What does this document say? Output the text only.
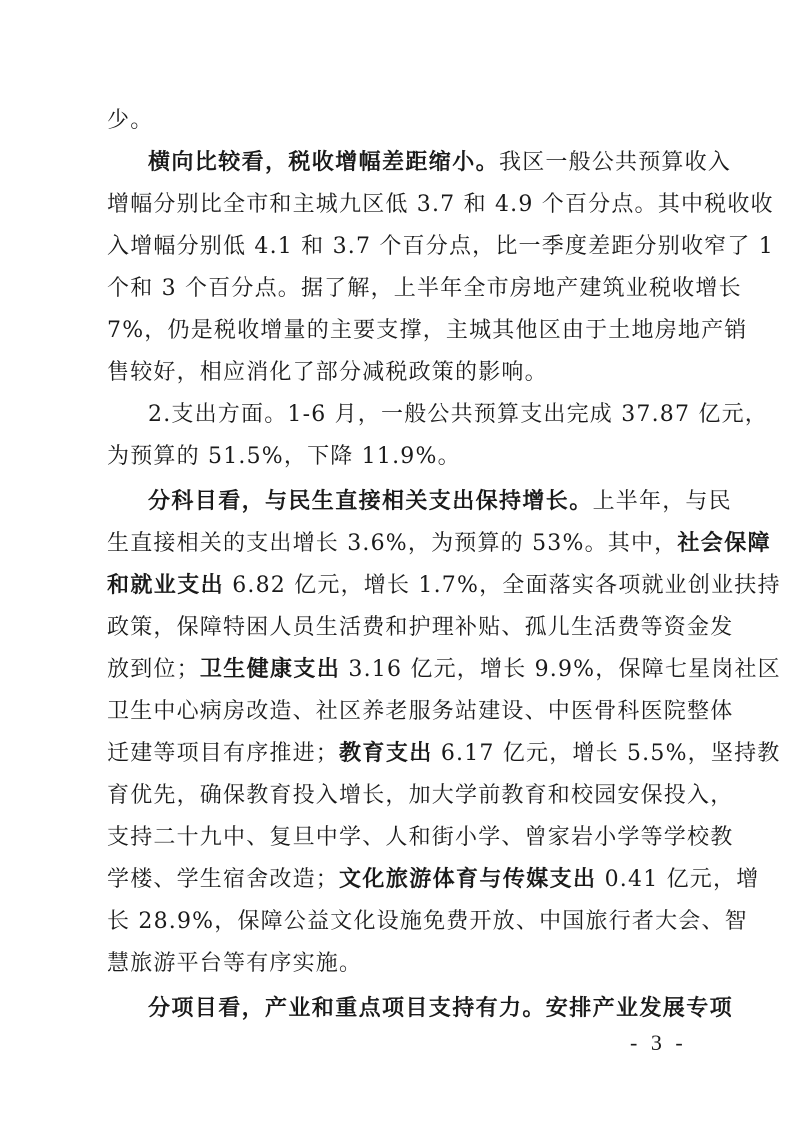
少。
横向比较看，税收增幅差距缩小。我区一般公共预算收入
增幅分别比全市和主城九区低 3.7 和 4.9 个百分点。其中税收收
入增幅分别低 4.1 和 3.7 个百分点，比一季度差距分别收窄了 1
个和 3 个百分点。据了解，上半年全市房地产建筑业税收增长
7%，仍是税收增量的主要支撑，主城其他区由于土地房地产销
售较好，相应消化了部分减税政策的影响。
2.支出方面。1-6 月，一般公共预算支出完成 37.87 亿元，
为预算的 51.5%，下降 11.9%。
分科目看，与民生直接相关支出保持增长。上半年，与民
生直接相关的支出增长 3.6%，为预算的 53%。其中，社会保障
和就业支出 6.82 亿元，增长 1.7%，全面落实各项就业创业扶持
政策，保障特困人员生活费和护理补贴、孤儿生活费等资金发
放到位；卫生健康支出 3.16 亿元，增长 9.9%，保障七星岗社区
卫生中心病房改造、社区养老服务站建设、中医骨科医院整体
迁建等项目有序推进；教育支出 6.17 亿元，增长 5.5%，坚持教
育优先，确保教育投入增长，加大学前教育和校园安保投入，
支持二十九中、复旦中学、人和街小学、曾家岩小学等学校教
学楼、学生宿舍改造；文化旅游体育与传媒支出 0.41 亿元，增
长 28.9%，保障公益文化设施免费开放、中国旅行者大会、智
慧旅游平台等有序实施。
分项目看，产业和重点项目支持有力。安排产业发展专项
- 3 -
